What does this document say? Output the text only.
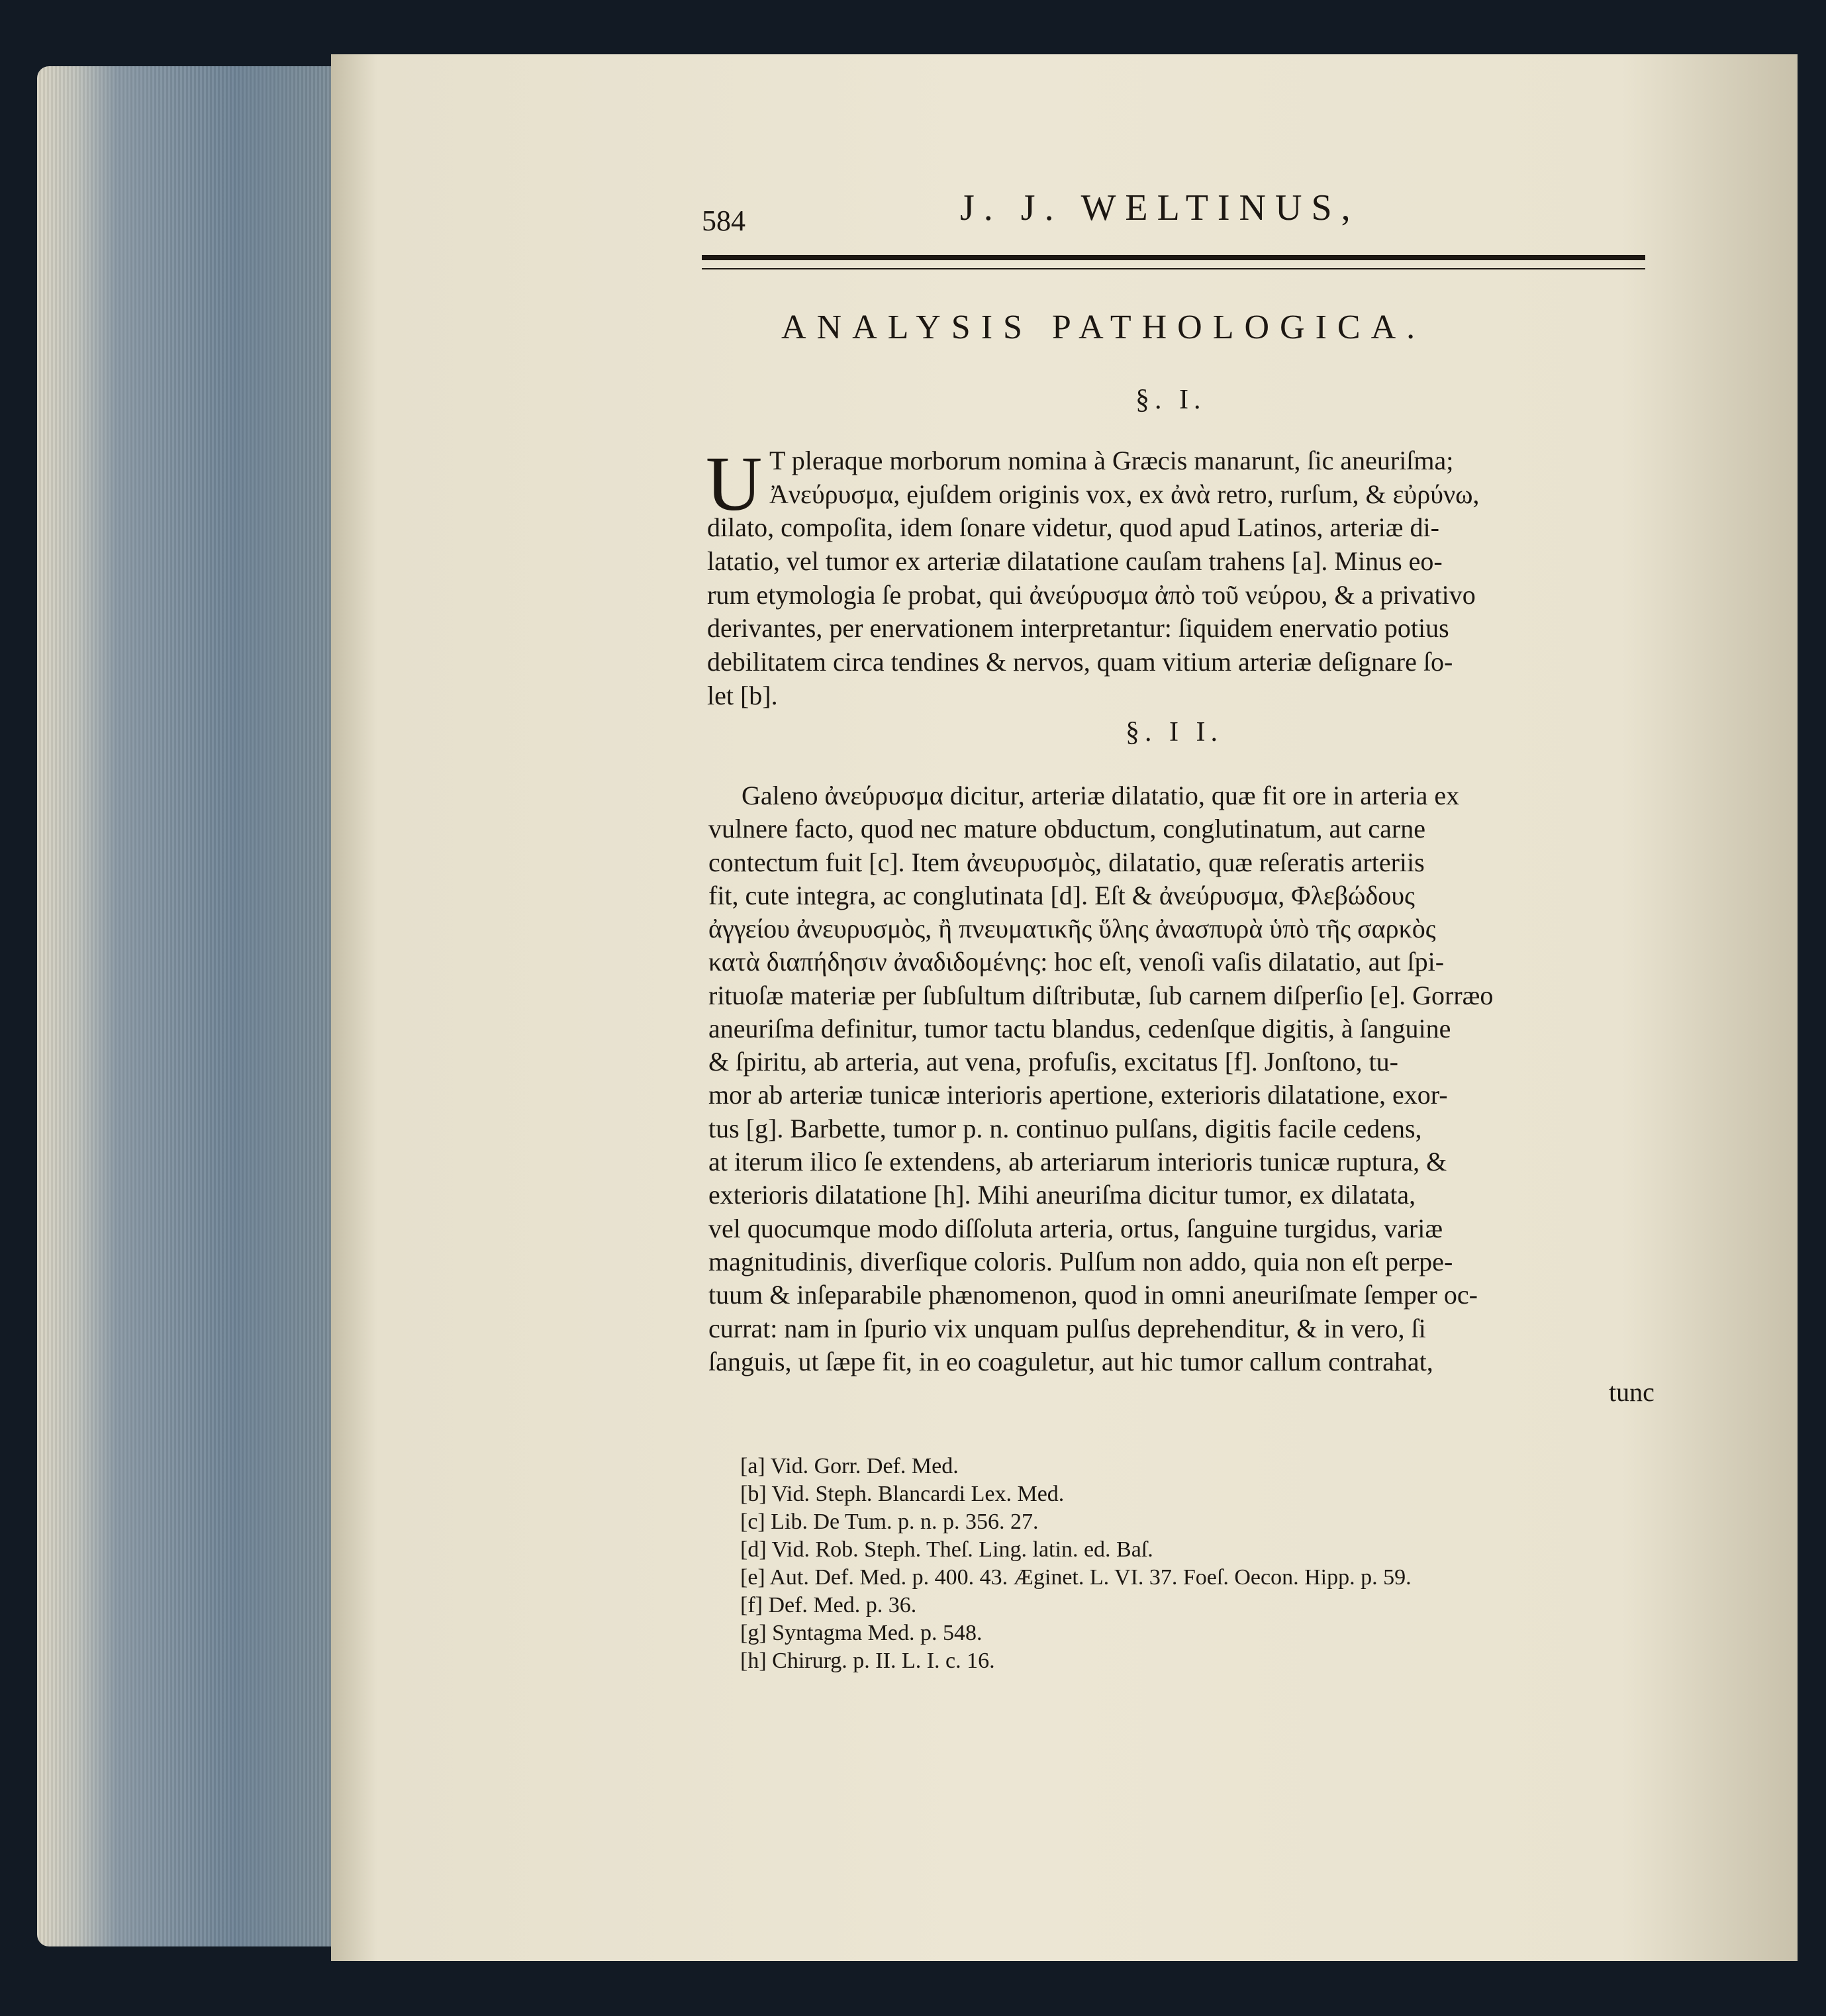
584	J. J. WELTINUS,
ANALYSIS PATHOLOGICA.
§. I.
U T pleraque morborum nomina à Græcis manarunt, ſic aneuriſma;
Ἀνεύρυσμα, ejuſdem originis vox, ex ἀνὰ retro, rurſum, & εὐρύνω,
dilato, compoſita, idem ſonare videtur, quod apud Latinos, arteriæ di-
latatio, vel tumor ex arteriæ dilatatione cauſam trahens [a]. Minus eo-
rum etymologia ſe probat, qui ἀνεύρυσμα ἀπὸ τοῦ νεύρου, & a privativo
derivantes, per enervationem interpretantur: ſiquidem enervatio potius
debilitatem circa tendines & nervos, quam vitium arteriæ deſignare ſo-
let [b].
§. I I.
Galeno ἀνεύρυσμα dicitur, arteriæ dilatatio, quæ fit ore in arteria ex
vulnere facto, quod nec mature obductum, conglutinatum, aut carne
contectum fuit [c]. Item ἀνευρυσμὸς, dilatatio, quæ reſeratis arteriis
fit, cute integra, ac conglutinata [d]. Eſt & ἀνεύρυσμα, Φλεβώδους
ἀγγείου ἀνευρυσμὸς, ἢ πνευματικῆς ὕλης ἀνασπυρὰ ὑπὸ τῆς σαρκὸς
κατὰ διαπήδησιν ἀναδιδομένης: hoc eſt, venoſi vaſis dilatatio, aut ſpi-
rituoſæ materiæ per ſubſultum diſtributæ, ſub carnem diſperſio [e]. Gorræo
aneuriſma definitur, tumor tactu blandus, cedenſque digitis, à ſanguine
& ſpiritu, ab arteria, aut vena, profuſis, excitatus [f]. Jonſtono, tu-
mor ab arteriæ tunicæ interioris apertione, exterioris dilatatione, exor-
tus [g]. Barbette, tumor p. n. continuo pulſans, digitis facile cedens,
at iterum ilico ſe extendens, ab arteriarum interioris tunicæ ruptura, &
exterioris dilatatione [h]. Mihi aneuriſma dicitur tumor, ex dilatata,
vel quocumque modo diſſoluta arteria, ortus, ſanguine turgidus, variæ
magnitudinis, diverſique coloris. Pulſum non addo, quia non eſt perpe-
tuum & inſeparabile phænomenon, quod in omni aneuriſmate ſemper oc-
currat: nam in ſpurio vix unquam pulſus deprehenditur, & in vero, ſi
ſanguis, ut ſæpe fit, in eo coaguletur, aut hic tumor callum contrahat,
tunc
[a] Vid. Gorr. Def. Med.
[b] Vid. Steph. Blancardi Lex. Med.
[c] Lib. De Tum. p. n. p. 356. 27.
[d] Vid. Rob. Steph. Theſ. Ling. latin. ed. Baſ.
[e] Aut. Def. Med. p. 400. 43. Æginet. L. VI. 37. Foeſ. Oecon. Hipp. p. 59.
[f] Def. Med. p. 36.
[g] Syntagma Med. p. 548.
[h] Chirurg. p. II. L. I. c. 16.
